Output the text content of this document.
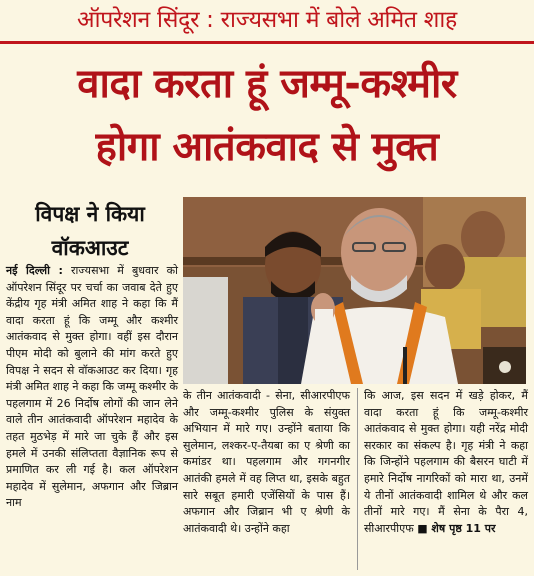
ऑपरेशन सिंदूर : राज्यसभा में बोले अमित शाह
वादा करता हूं जम्मू-कश्मीर
होगा आतंकवाद से मुक्त
विपक्ष ने किया
वॉकआउट
नई दिल्ली : राज्यसभा में बुधवार को ऑपरेशन सिंदूर पर चर्चा का जवाब देते हुए केंद्रीय गृह मंत्री अमित शाह ने कहा कि मैं वादा करता हूं कि जम्मू और कश्मीर आतंकवाद से मुक्त होगा। वहीं इस दौरान पीएम मोदी को बुलाने की मांग करते हुए विपक्ष ने सदन से वॉकआउट कर दिया। गृह मंत्री अमित शाह ने कहा कि जम्मू कश्मीर के पहलगाम में 26 निर्दोष लोगों की जान लेने वाले तीन आतंकवादी ऑपरेशन महादेव के तहत मुठभेड़ में मारे जा चुके हैं और इस हमले में उनकी संलिप्तता वैज्ञानिक रूप से प्रमाणित कर ली गई है। कल ऑपरेशन महादेव में सुलेमान, अफगान और जिब्रान नाम
के तीन आतंकवादी - सेना, सीआरपीएफ और जम्मू-कश्मीर पुलिस के संयुक्त अभियान में मारे गए। उन्होंने बताया कि सुलेमान, लश्कर-ए-तैयबा का ए श्रेणी का कमांडर था। पहलगाम और गगनगीर आतंकी हमले में वह लिप्त था, इसके बहुत सारे सबूत हमारी एजेंसियों के पास हैं। अफगान और जिब्रान भी ए श्रेणी के आतंकवादी थे। उन्होंने कहा
कि आज, इस सदन में खड़े होकर, मैं वादा करता हूं कि जम्मू-कश्मीर आतंकवाद से मुक्त होगा। यही नरेंद्र मोदी सरकार का संकल्प है। गृह मंत्री ने कहा कि जिन्होंने पहलगाम की बैसरन घाटी में हमारे निर्दोष नागरिकों को मारा था, उनमें ये तीनों आतंकवादी शामिल थे और कल तीनों मारे गए। मैं सेना के पैरा 4, सीआरपीएफ ■ शेष पृष्ठ 11 पर
